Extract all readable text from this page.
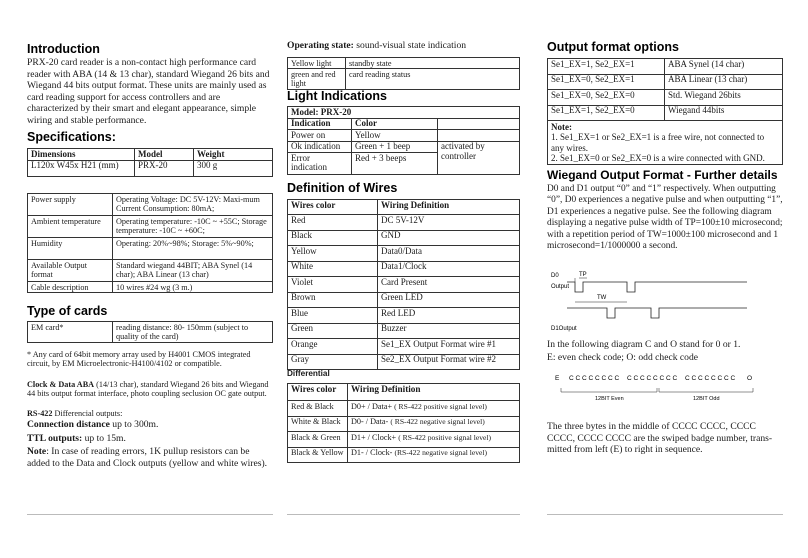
Introduction
PRX-20 card reader is a non-contact high performance card reader with ABA (14 & 13 char), standard Wiegand 26 bits and Wiegand 44 bits output format. These units are mainly used as card reading support for access controllers and are characterized by their smart and elegant appearance, simple wiring and stable performance.
Specifications:
Dimensions	Model	Weight
L120x W45x H21 (mm)	PRX-20	300 g
Power supply	Operating Voltage: DC 5V-12V: Maxi-mum Current Consumption: 80mA;
Ambient temperature	Operating temperature: -10C ~ +55C; Storage temperature: -10C ~ +60C;
Humidity	Operating: 20%~98%; Storage: 5%~90%;
Available Output format	Standard wiegand 44BIT; ABA Synel (14 char); ABA Linear (13 char)
Cable description	10 wires #24 wg (3 m.)
Type of cards
EM card*	reading distance: 80- 150mm (subject to quality of the card)
* Any card of 64bit memory array used by H4001 CMOS integrated circuit, by EM Microelectronic-H4100/4102 or compatible.
Clock & Data ABA (14/13 char), standard Wiegand 26 bits and Wiegand 44 bits output format interface, photo coupling seclusion OC gate output.
RS-422 Differencial outputs:
Connection distance up to 300m.
TTL outputs: up to 15m.
Note: In case of reading errors, 1K pullup resistors can be added to the Data and Clock outputs (yellow and white wires).
Operating state: sound-visual state indication
Yellow light	standby state
green and red light	card reading status
Light Indications
Model: PRX-20		
Indication	Color	
Power on	Yellow	
Ok indication	Green + 1 beep	activated by controller
Error indication	Red + 3 beeps	
Definition of Wires
Wires color	Wiring Definition
Red	DC 5V-12V
Black	GND
Yellow	Data0/Data
White	Data1/Clock
Violet	Card Present
Brown	Green LED
Blue	Red LED
Green	Buzzer
Orange	Se1_EX Output Format wire #1
Gray	Se2_EX Output Format wire #2
Differential
Wires color	Wiring Definition
Red & Black	D0+ / Data+ ( RS-422 positive signal level)
White & Black	D0- / Data- ( RS-422 negative signal level)
Black & Green	D1+ / Clock+ ( RS-422 positive signal level)
Black & Yellow	D1- / Clock- (RS-422 negative signal level)
Output format options
Se1_EX=1, Se2_EX=1	ABA Synel (14 char)
Se1_EX=0, Se2_EX=1	ABA Linear (13 char)
Se1_EX=0, Se2_EX=0	Std. Wiegand 26bits
Se1_EX=1, Se2_EX=0	Wiegand 44bits

Note:
1. Se1_EX=1 or Se2_EX=1 is a free wire, not connected to any wires.
2. Se1_EX=0 or Se2_EX=0 is a wire connected with GND.	
Wiegand Output Format - Further details
D0 and D1 output “0” and “1” respectively. When outputting “0”, D0 experiences a negative pulse and when outputting “1”, D1 experiences a negative pulse. See the following diagram displaying a negative pulse width of TP=100±10 microsecond; with a repetition period of TW=1000±100 microsecond and 1 microsecond=1/1000000 a second.
D0	TP
Output
TW
D1Output
In the following diagram C and O stand for 0 or 1.
E: even check code; O: odd check code
E C C C C C C C C C C C C C C C C C C C C C C C C O
12BIT Even	12BIT Odd
The three bytes in the middle of CCCC CCCC, CCCC CCCC, CCCC CCCC are the swiped badge number, trans-mitted from left (E) to right in sequence.
